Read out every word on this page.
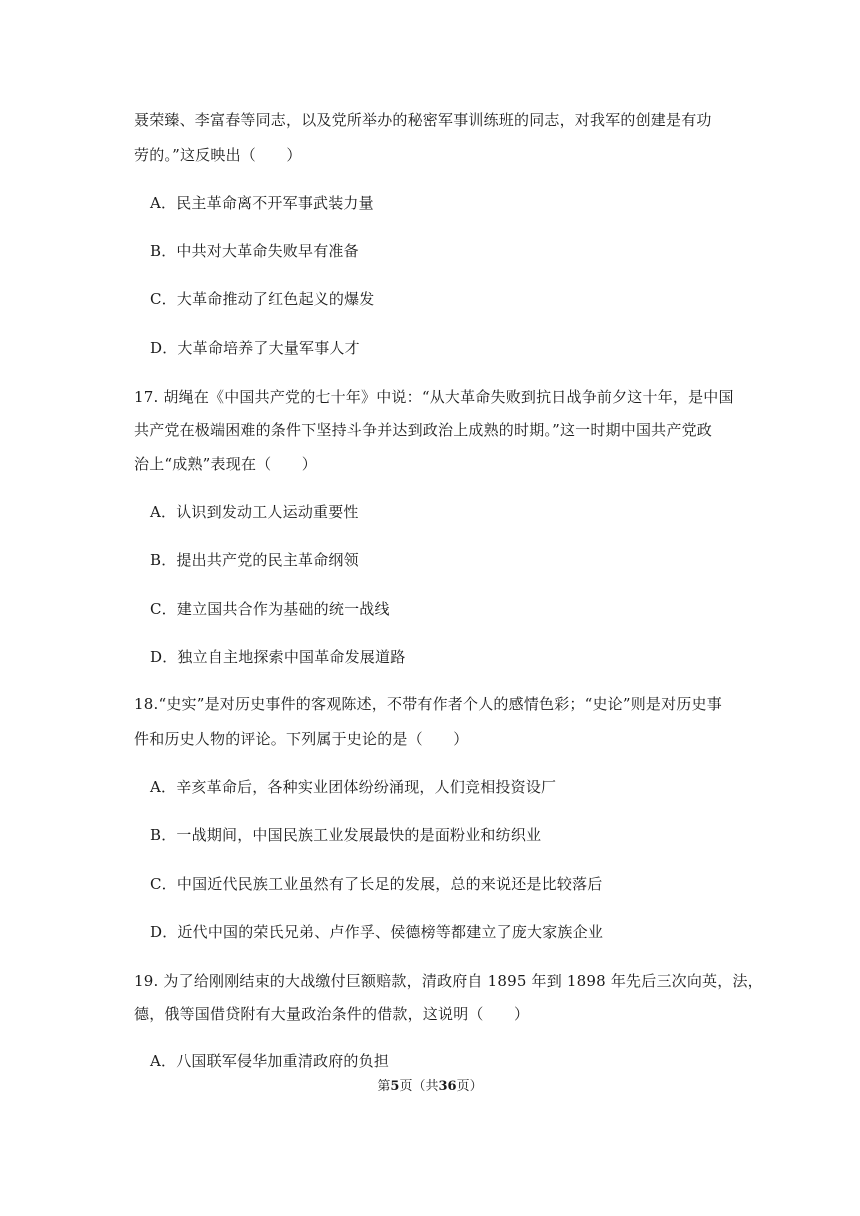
聂荣臻、李富春等同志，以及党所举办的秘密军事训练班的同志，对我军的创建是有功
劳的。”这反映出（　　）
A．民主革命离不开军事武装力量
B．中共对大革命失败早有准备
C．大革命推动了红色起义的爆发
D．大革命培养了大量军事人才
17. 胡绳在《中国共产党的七十年》中说：“从大革命失败到抗日战争前夕这十年，是中国
共产党在极端困难的条件下坚持斗争并达到政治上成熟的时期。”这一时期中国共产党政
治上“成熟”表现在（　　）
A．认识到发动工人运动重要性
B．提出共产党的民主革命纲领
C．建立国共合作为基础的统一战线
D．独立自主地探索中国革命发展道路
18.“史实”是对历史事件的客观陈述，不带有作者个人的感情色彩；“史论”则是对历史事
件和历史人物的评论。下列属于史论的是（　　）
A．辛亥革命后，各种实业团体纷纷涌现，人们竞相投资设厂
B．一战期间，中国民族工业发展最快的是面粉业和纺织业
C．中国近代民族工业虽然有了长足的发展，总的来说还是比较落后
D．近代中国的荣氏兄弟、卢作孚、侯德榜等都建立了庞大家族企业
19. 为了给刚刚结束的大战缴付巨额赔款，清政府自 1895 年到 1898 年先后三次向英，法，
德，俄等国借贷附有大量政治条件的借款，这说明（　　）
A．八国联军侵华加重清政府的负担
第5页（共36页）
